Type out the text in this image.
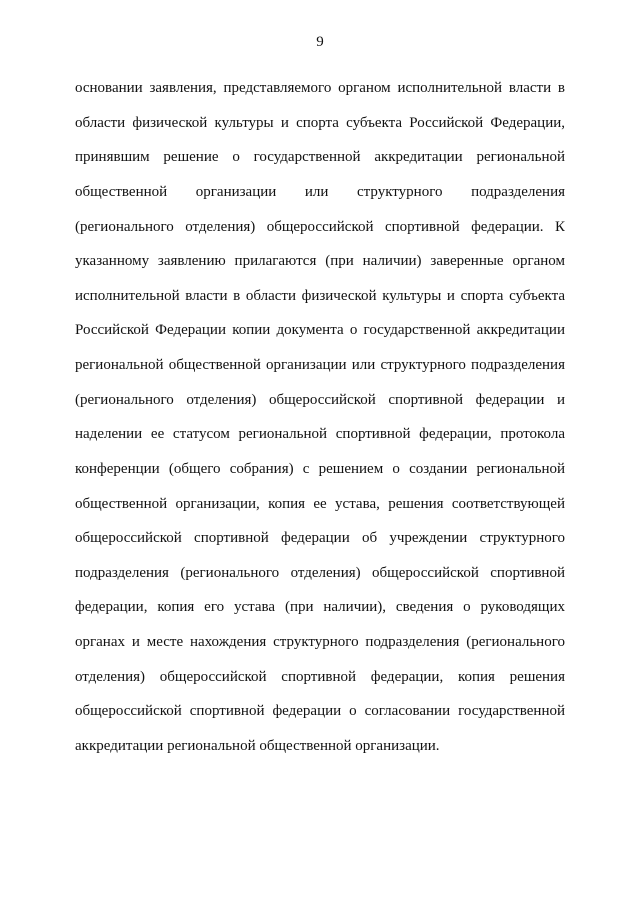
9
основании заявления, представляемого органом исполнительной власти в
области физической культуры и спорта субъекта Российской Федерации,
принявшим решение о государственной аккредитации региональной
общественной организации или структурного подразделения
(регионального отделения) общероссийской спортивной федерации. К
указанному заявлению прилагаются (при наличии) заверенные органом
исполнительной власти в области физической культуры и спорта субъекта
Российской Федерации копии документа о государственной аккредитации
региональной общественной организации или структурного подразделения
(регионального отделения) общероссийской спортивной федерации и
наделении ее статусом региональной спортивной федерации, протокола
конференции (общего собрания) с решением о создании региональной
общественной организации, копия ее устава, решения соответствующей
общероссийской спортивной федерации об учреждении структурного
подразделения (регионального отделения) общероссийской спортивной
федерации, копия его устава (при наличии), сведения о руководящих
органах и месте нахождения структурного подразделения (регионального
отделения) общероссийской спортивной федерации, копия решения
общероссийской спортивной федерации о согласовании государственной
аккредитации региональной общественной организации.
